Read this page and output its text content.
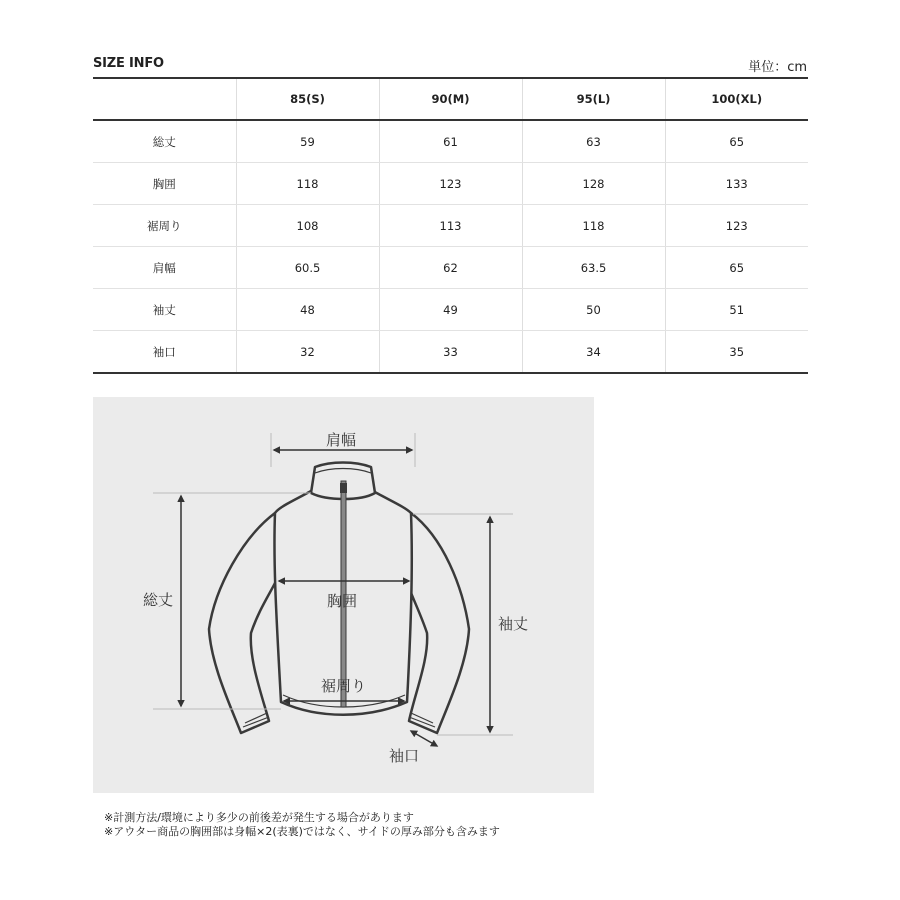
SIZE INFO	単位：cm
	85(S)	90(M)	95(L)	100(XL)
総丈	59	61	63	65
胸囲	118	123	128	133
裾周り	108	113	118	123
肩幅	60.5	62	63.5	65
袖丈	48	49	50	51
袖口	32	33	34	35
肩幅
総丈	胸囲
袖丈
裾周り
袖口
※計測方法/環境により多少の前後差が発生する場合があります
※アウター商品の胸囲部は身幅×2(表裏)ではなく、サイドの厚み部分も含みます
